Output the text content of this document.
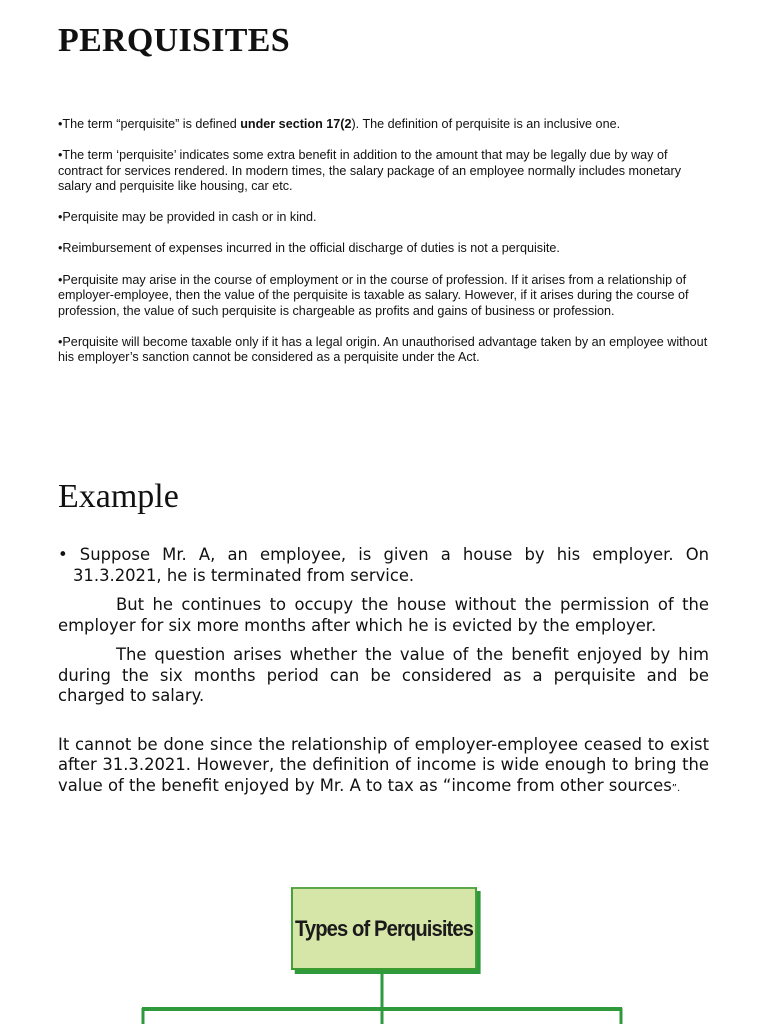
PERQUISITES

•The term “perquisite” is defined under section 17(2). The definition of perquisite is an inclusive one.

•The term ‘perquisite’ indicates some extra benefit in addition to the amount that may be legally due by way of contract for services rendered. In modern times, the salary package of an employee normally includes monetary salary and perquisite like housing, car etc.

•Perquisite may be provided in cash or in kind.

•Reimbursement of expenses incurred in the official discharge of duties is not a perquisite.

•Perquisite may arise in the course of employment or in the course of profession. If it arises from a relationship of employer-employee, then the value of the perquisite is taxable as salary. However, if it arises during the course of profession, the value of such perquisite is chargeable as profits and gains of business or profession.

•Perquisite will become taxable only if it has a legal origin. An unauthorised advantage taken by an employee without his employer’s sanction cannot be considered as a perquisite under the Act.

Example

• Suppose Mr. A, an employee, is given a house by his employer. On 31.3.2021, he is terminated from service.

But he continues to occupy the house without the permission of the employer for six more months after which he is evicted by the employer.

The question arises whether the value of the benefit enjoyed by him during the six months period can be considered as a perquisite and be charged to salary.

It cannot be done since the relationship of employer-employee ceased to exist after 31.3.2021. However, the definition of income is wide enough to bring the value of the benefit enjoyed by Mr. A to tax as “income from other sources”.

Types of Perquisites
